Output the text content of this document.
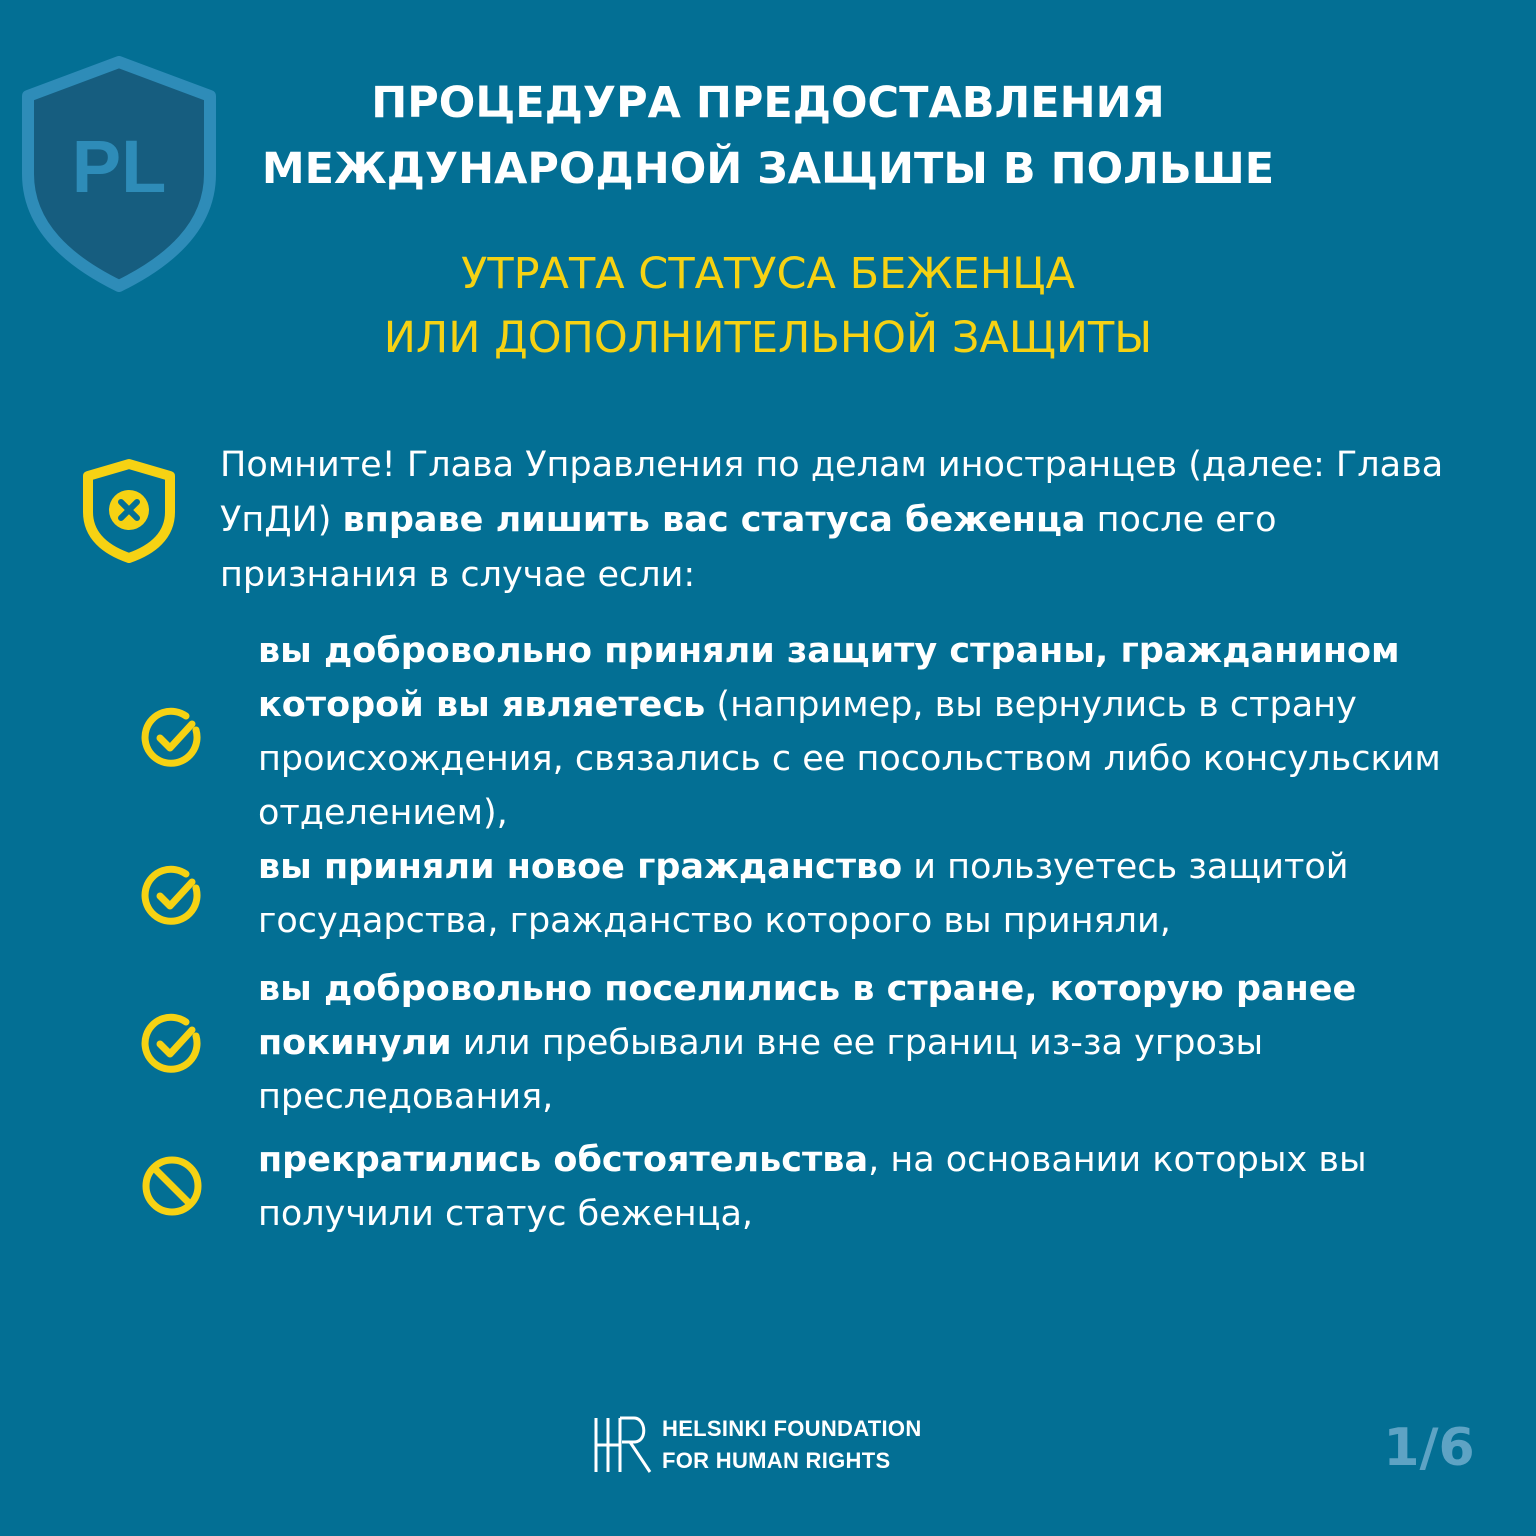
PL
ПРОЦЕДУРА ПРЕДОСТАВЛЕНИЯ
МЕЖДУНАРОДНОЙ ЗАЩИТЫ В ПОЛЬШЕ
УТРАТА СТАТУСА БЕЖЕНЦА
ИЛИ ДОПОЛНИТЕЛЬНОЙ ЗАЩИТЫ
Помните! Глава Управления по делам иностранцев (далее: Глава УпДИ) вправе лишить вас статуса беженца после его признания в случае если:
вы добровольно приняли защиту страны, гражданином которой вы являетесь (например, вы вернулись в страну происхождения, связались с ее посольством либо консульским отделением),
вы приняли новое гражданство и пользуетесь защитой государства, гражданство которого вы приняли,
вы добровольно поселились в стране, которую ранее покинули или пребывали вне ее границ из-за угрозы преследования,
прекратились обстоятельства, на основании которых вы получили статус беженца,
HELSINKI FOUNDATION
FOR HUMAN RIGHTS	1/6
